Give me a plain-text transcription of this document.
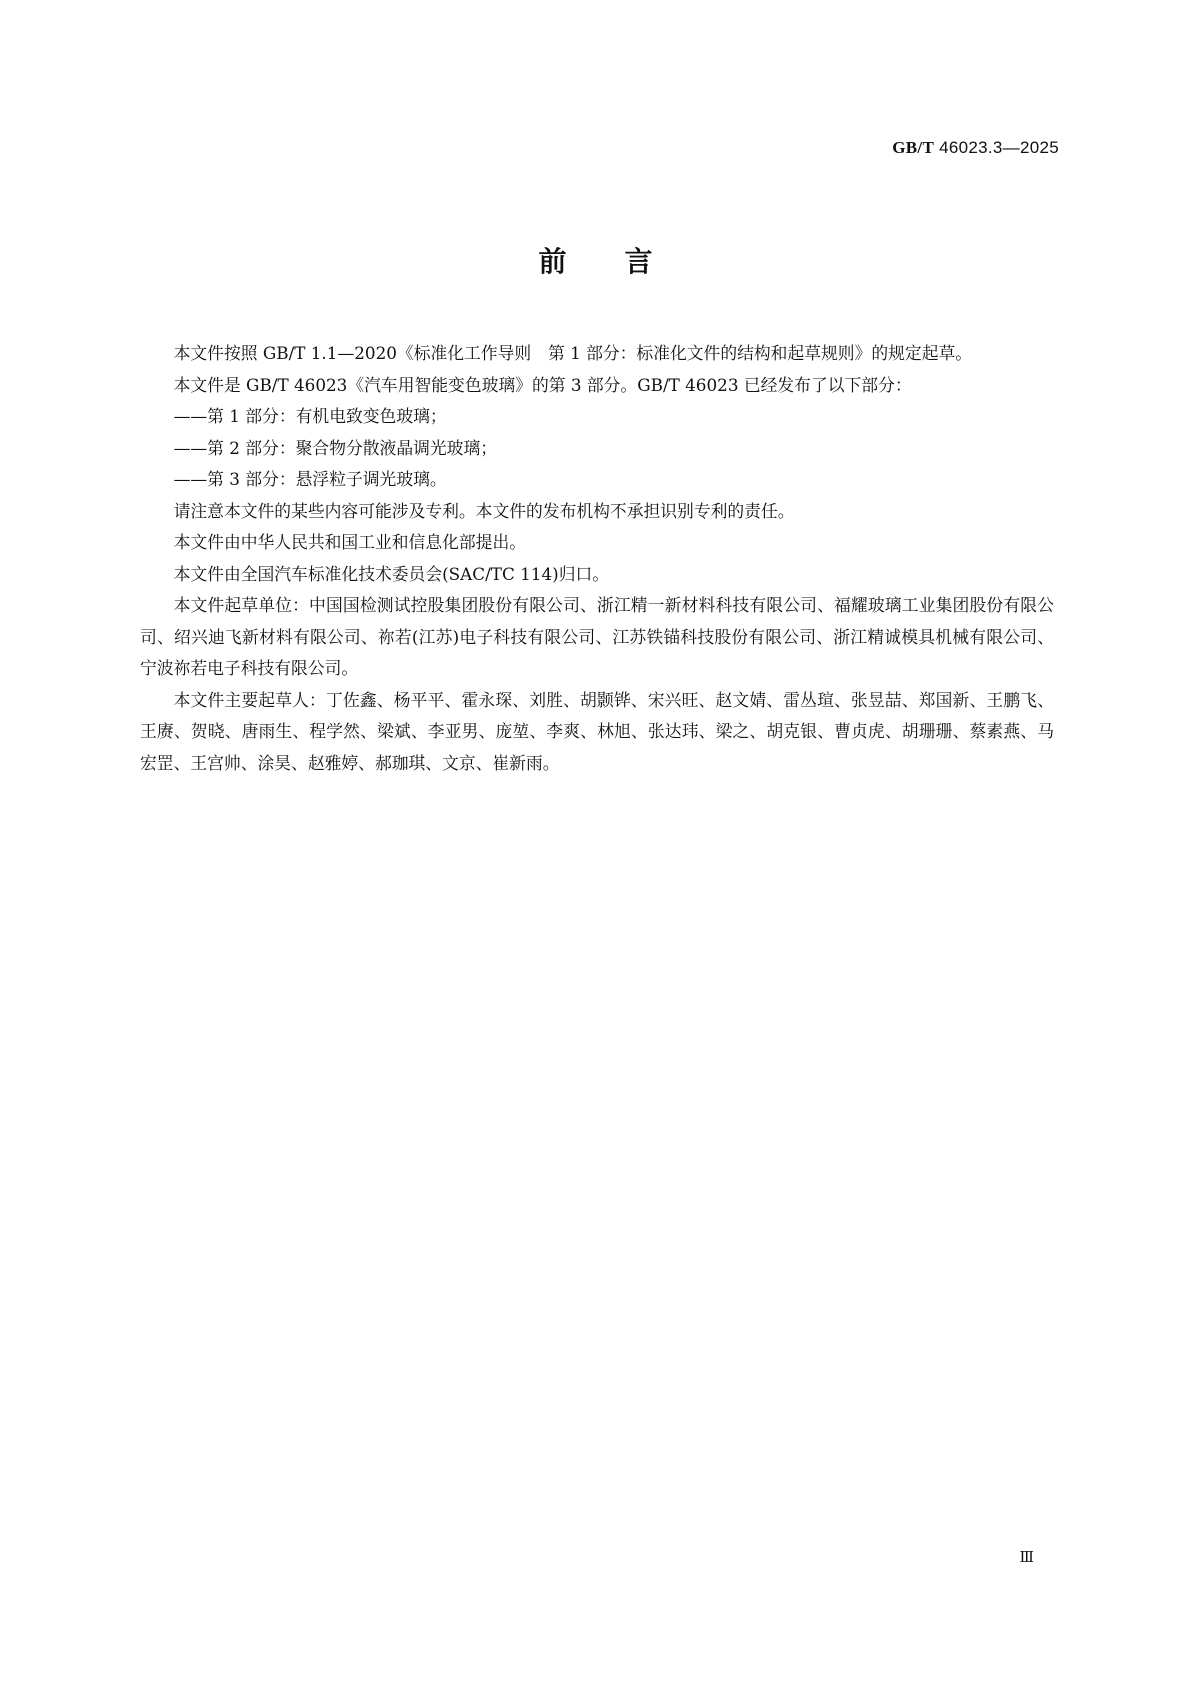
GB/T 46023.3—2025
前 言

本文件按照 GB/T 1.1—2020《标准化工作导则　第 1 部分：标准化文件的结构和起草规则》的规定起草。

本文件是 GB/T 46023《汽车用智能变色玻璃》的第 3 部分。GB/T 46023 已经发布了以下部分：

——第 1 部分：有机电致变色玻璃；

——第 2 部分：聚合物分散液晶调光玻璃；

——第 3 部分：悬浮粒子调光玻璃。

请注意本文件的某些内容可能涉及专利。本文件的发布机构不承担识别专利的责任。

本文件由中华人民共和国工业和信息化部提出。

本文件由全国汽车标准化技术委员会(SAC/TC 114)归口。

本文件起草单位：中国国检测试控股集团股份有限公司、浙江精一新材料科技有限公司、福耀玻璃工业集团股份有限公司、绍兴迪飞新材料有限公司、祢若(江苏)电子科技有限公司、江苏铁锚科技股份有限公司、浙江精诚模具机械有限公司、宁波祢若电子科技有限公司。

本文件主要起草人：丁佐鑫、杨平平、霍永琛、刘胜、胡颢铧、宋兴旺、赵文婧、雷丛瑄、张昱喆、郑国新、王鹏飞、王赓、贺晓、唐雨生、程学然、梁斌、李亚男、庞堃、李爽、林旭、张达玮、梁之、胡克银、曹贞虎、胡珊珊、蔡素燕、马宏罡、王宫帅、涂昊、赵雅婷、郝珈琪、文京、崔新雨。

Ⅲ
